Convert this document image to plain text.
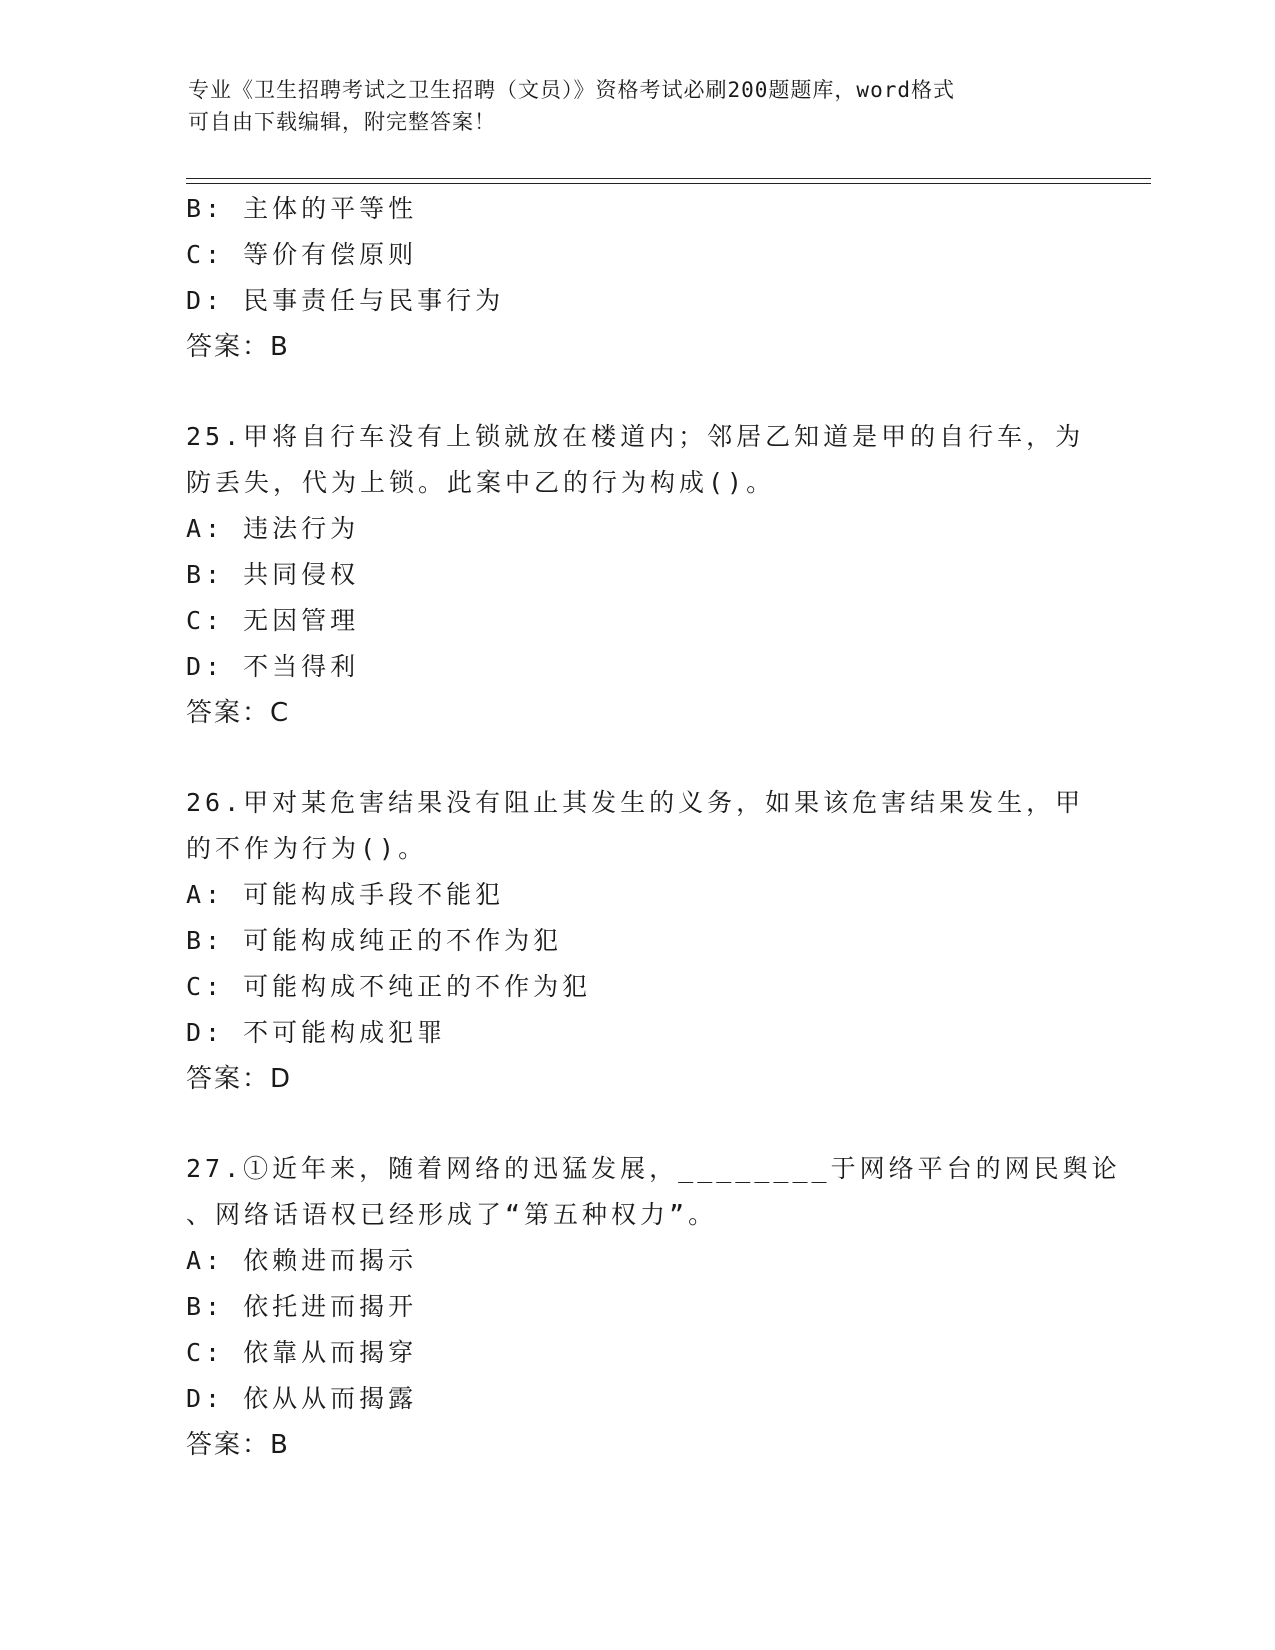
专业《卫生招聘考试之卫生招聘（文员）》资格考试必刷200题题库，word格式
可自由下载编辑，附完整答案！
B: 主体的平等性
C: 等价有偿原则
D: 民事责任与民事行为
答案：B
25.甲将自行车没有上锁就放在楼道内；邻居乙知道是甲的自行车，为
防丢失，代为上锁。此案中乙的行为构成()。
A: 违法行为
B: 共同侵权
C: 无因管理
D: 不当得利
答案：C
26.甲对某危害结果没有阻止其发生的义务，如果该危害结果发生，甲
的不作为行为()。
A: 可能构成手段不能犯
B: 可能构成纯正的不作为犯
C: 可能构成不纯正的不作为犯
D: 不可能构成犯罪
答案：D
27.①近年来，随着网络的迅猛发展，________于网络平台的网民舆论
、网络话语权已经形成了“第五种权力”。
A: 依赖进而揭示
B: 依托进而揭开
C: 依靠从而揭穿
D: 依从从而揭露
答案：B
